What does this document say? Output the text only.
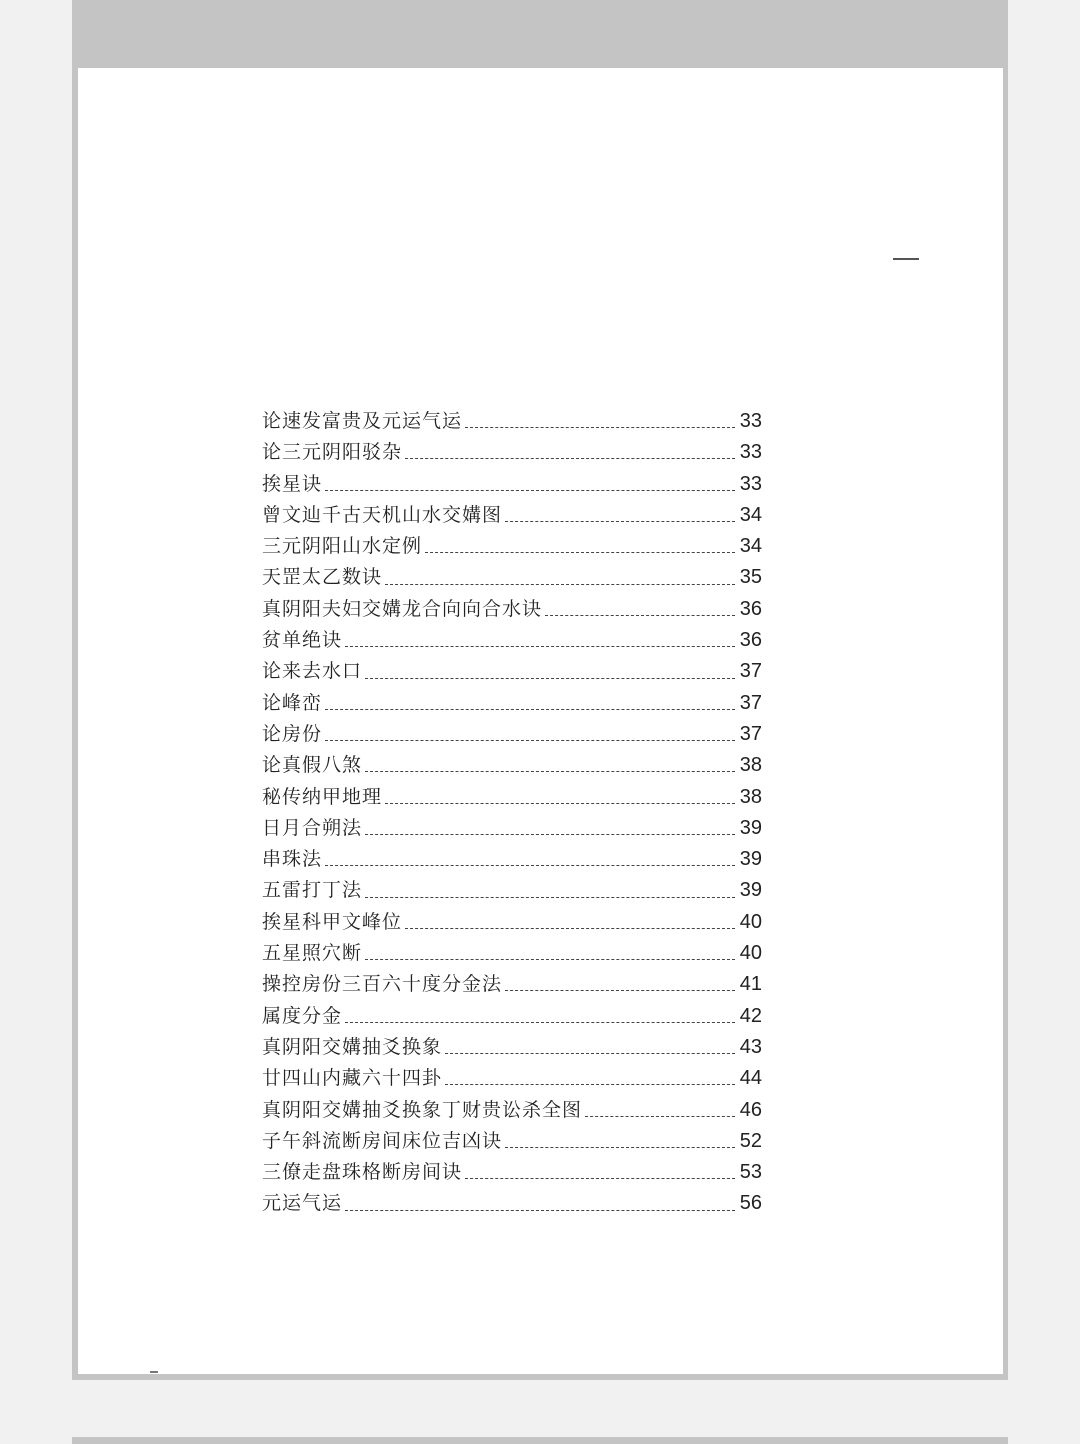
论速发富贵及元运气运	33
论三元阴阳驳杂	33
挨星诀	33
曾文辿千古天机山水交媾图	34
三元阴阳山水定例	34
天罡太乙数诀	35
真阴阳夫妇交媾龙合向向合水诀	36
贫单绝诀	36
论来去水口	37
论峰峦	37
论房份	37
论真假八煞	38
秘传纳甲地理	38
日月合朔法	39
串珠法	39
五雷打丁法	39
挨星科甲文峰位	40
五星照穴断	40
操控房份三百六十度分金法	41
属度分金	42
真阴阳交媾抽爻换象	43
廿四山内藏六十四卦	44
真阴阳交媾抽爻换象丁财贵讼杀全图	46
子午斜流断房间床位吉凶诀	52
三僚走盘珠格断房间诀	53
元运气运	56
